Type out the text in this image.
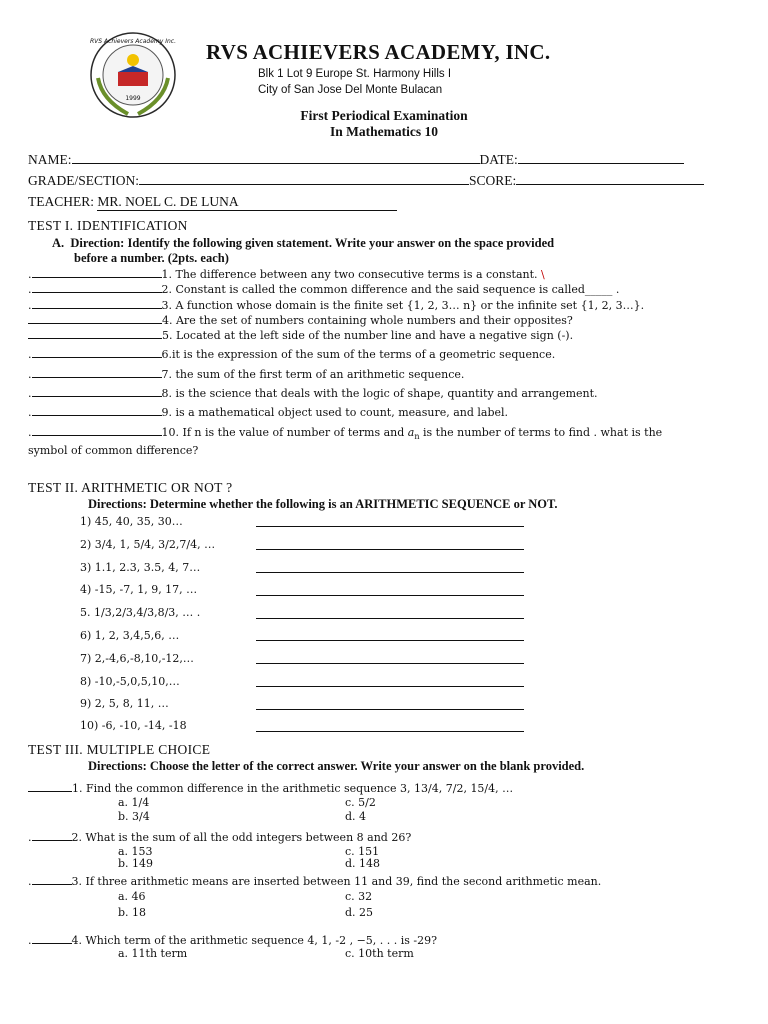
1999
RVS Achievers Academy Inc. RVS ACHIEVERS ACADEMY, INC.
Blk 1 Lot 9 Europe St. Harmony Hills I
City of San Jose Del Monte Bulacan
First Periodical Examination
In Mathematics 10
NAME:	DATE:
GRADE/SECTION:	SCORE:
TEACHER: MR. NOEL C. DE LUNA
TEST I. IDENTIFICATION
A. Direction: Identify the following given statement. Write your answer on the space provided
before a number. (2pts. each)
.	1. The difference between any two consecutive terms is a constant. \
.	2. Constant is called the common difference and the said sequence is called_____ .
.	3. A function whose domain is the finite set {1, 2, 3… n} or the infinite set {1, 2, 3…}.
4. Are the set of numbers containing whole numbers and their opposites?
5. Located at the left side of the number line and have a negative sign (-).
.	6.it is the expression of the sum of the terms of a geometric sequence.
.	7. the sum of the first term of an arithmetic sequence.
.	8. is the science that deals with the logic of shape, quantity and arrangement.
.	9. is a mathematical object used to count, measure, and label.
.	10. If n is the value of number of terms and $a_n$ is the number of terms to find . what is the
symbol of common difference?
TEST II. ARITHMETIC OR NOT ?
Directions: Determine whether the following is an ARITHMETIC SEQUENCE or NOT.
1) 45, 40, 35, 30…
2) 3/4, 1, 5/4, 3/2,7/4, …
3) 1.1, 2.3, 3.5, 4, 7…
4) -15, -7, 1, 9, 17, …
5. 1/3,2/3,4/3,8/3, … .
6) 1, 2, 3,4,5,6, …
7) 2,-4,6,-8,10,-12,…
8) -10,-5,0,5,10,…
9) 2, 5, 8, 11, …
10) -6, -10, -14, -18
TEST III. MULTIPLE CHOICE
Directions: Choose the letter of the correct answer. Write your answer on the blank provided.
1. Find the common difference in the arithmetic sequence 3, 13/4, 7/2, 15/4, …
a. 1/4	c. 5/2
b. 3/4	d. 4
.	2. What is the sum of all the odd integers between 8 and 26?
a. 153	c. 151
b. 149	d. 148
.	3. If three arithmetic means are inserted between 11 and 39, find the second arithmetic mean.
a. 46	c. 32
b. 18	d. 25
.	4. Which term of the arithmetic sequence 4, 1, -2 , −5, . . . is -29?
a. 11th term	c. 10th term
